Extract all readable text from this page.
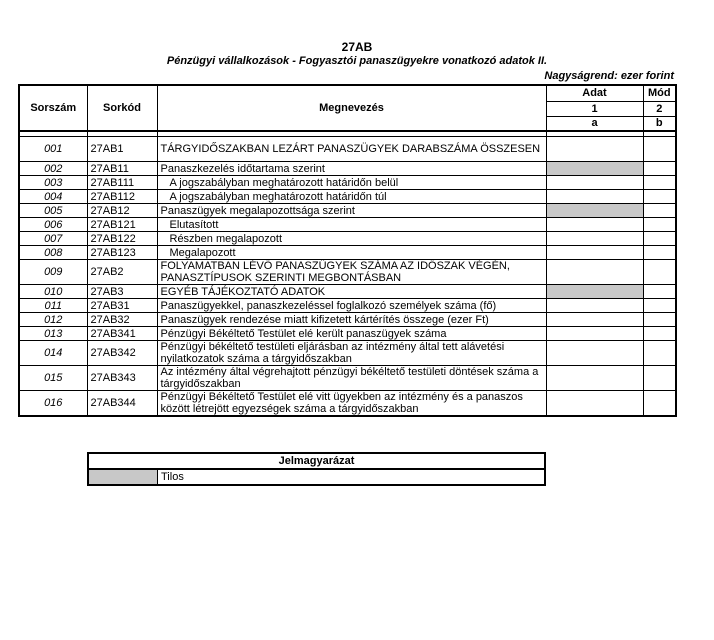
27AB
Pénzügyi vállalkozások - Fogyasztói panaszügyekre vonatkozó adatok II.
Nagyságrend: ezer forint
Sorszám	Sorkód	Megnevezés	Adat	Mód
			1	2
			a	b

001	27AB1	TÁRGYIDŐSZAKBAN LEZÁRT PANASZÜGYEK DARABSZÁMA ÖSSZESEN		
002	27AB11	Panaszkezelés időtartama szerint		
003	27AB111	A jogszabályban meghatározott határidőn belül		
004	27AB112	A jogszabályban meghatározott határidőn túl		
005	27AB12	Panaszügyek megalapozottsága szerint		
006	27AB121	Elutasított		
007	27AB122	Részben megalapozott		
008	27AB123	Megalapozott		
009	27AB2	FOLYAMATBAN LÉVŐ PANASZÜGYEK SZÁMA AZ IDŐSZAK VÉGÉN, PANASZTÍPUSOK SZERINTI MEGBONTÁSBAN		
010	27AB3	EGYÉB TÁJÉKOZTATÓ ADATOK		
011	27AB31	Panaszügyekkel, panaszkezeléssel foglalkozó személyek száma (fő)		
012	27AB32	Panaszügyek rendezése miatt kifizetett kártérítés összege (ezer Ft)		
013	27AB341	Pénzügyi Békéltető Testület elé került panaszügyek száma		
014	27AB342	Pénzügyi békéltető testületi eljárásban az intézmény által tett alávetési nyilatkozatok száma a tárgyidőszakban		
015	27AB343	Az intézmény által végrehajtott pénzügyi békéltető testületi döntések száma a tárgyidőszakban		
016	27AB344	Pénzügyi Békéltető Testület elé vitt ügyekben az intézmény és a panaszos között létrejött egyezségek száma a tárgyidőszakban		
Jelmagyarázat
	Tilos
